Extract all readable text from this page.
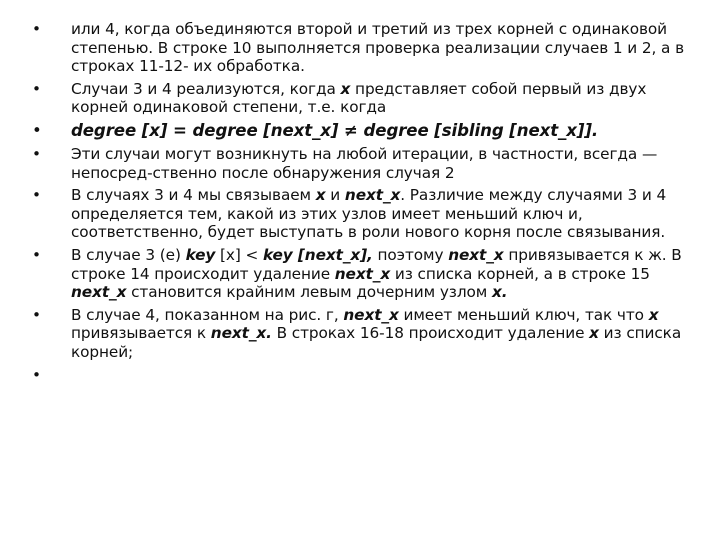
• или 4, когда объединяются второй и третий из трех корней с одинаковой степенью. В строке 10 выполняется проверка реализации случаев 1 и 2, а в строках 11-12- их обработка.
• Случаи 3 и 4 реализуются, когда x представляет собой первый из двух корней одинаковой степени, т.е. когда
• degree [x] = degree [next_x] ≠ degree [sibling [next_x]].
• Эти случаи могут возникнуть на любой итерации, в частности, всегда — непосред-ственно после обнаружения случая 2
• В случаях 3 и 4 мы связываем x и next_x. Различие между случаями 3 и 4 определяется тем, какой из этих узлов имеет меньший ключ и, соответственно, будет выступать в роли нового корня после связывания.
• В случае 3 (е) key [x] < key [next_x], поэтому next_x привязывается к ж. В строке 14 происходит удаление next_x из списка корней, а в строке 15 next_x становится крайним левым дочерним узлом x.
• В случае 4, показанном на рис. г, next_x имеет меньший ключ, так что x привязывается к next_x. В строках 16-18 происходит удаление x из списка корней;
•
